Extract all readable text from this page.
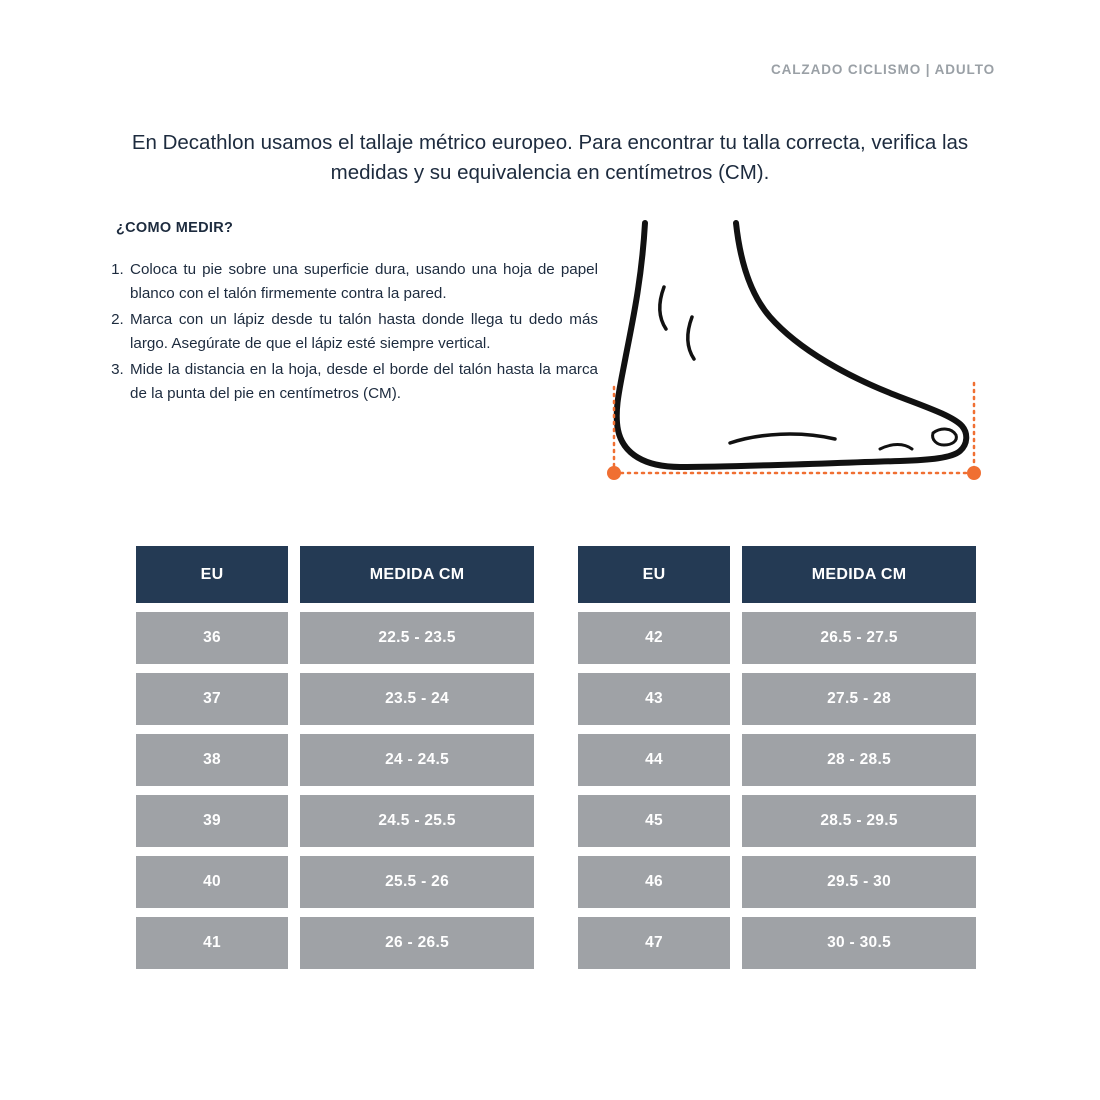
CALZADO CICLISMO | ADULTO
En Decathlon usamos el tallaje métrico europeo. Para encontrar tu talla correcta, verifica las medidas y su equivalencia en centímetros (CM).
¿COMO MEDIR?
1. Coloca tu pie sobre una superficie dura, usando una hoja de papel blanco con el talón firmemente contra la pared.
2. Marca con un lápiz desde tu talón hasta donde llega tu dedo más largo. Asegúrate de que el lápiz esté siempre vertical.
3. Mide la distancia en la hoja, desde el borde del talón hasta la marca de la punta del pie en centímetros (CM).
EU	MEDIDA CM
36	22.5 - 23.5
37	23.5 - 24
38	24 - 24.5
39	24.5 - 25.5
40	25.5 - 26
41	26 - 26.5
EU	MEDIDA CM
42	26.5 - 27.5
43	27.5 - 28
44	28 - 28.5
45	28.5 - 29.5
46	29.5 - 30
47	30 - 30.5
